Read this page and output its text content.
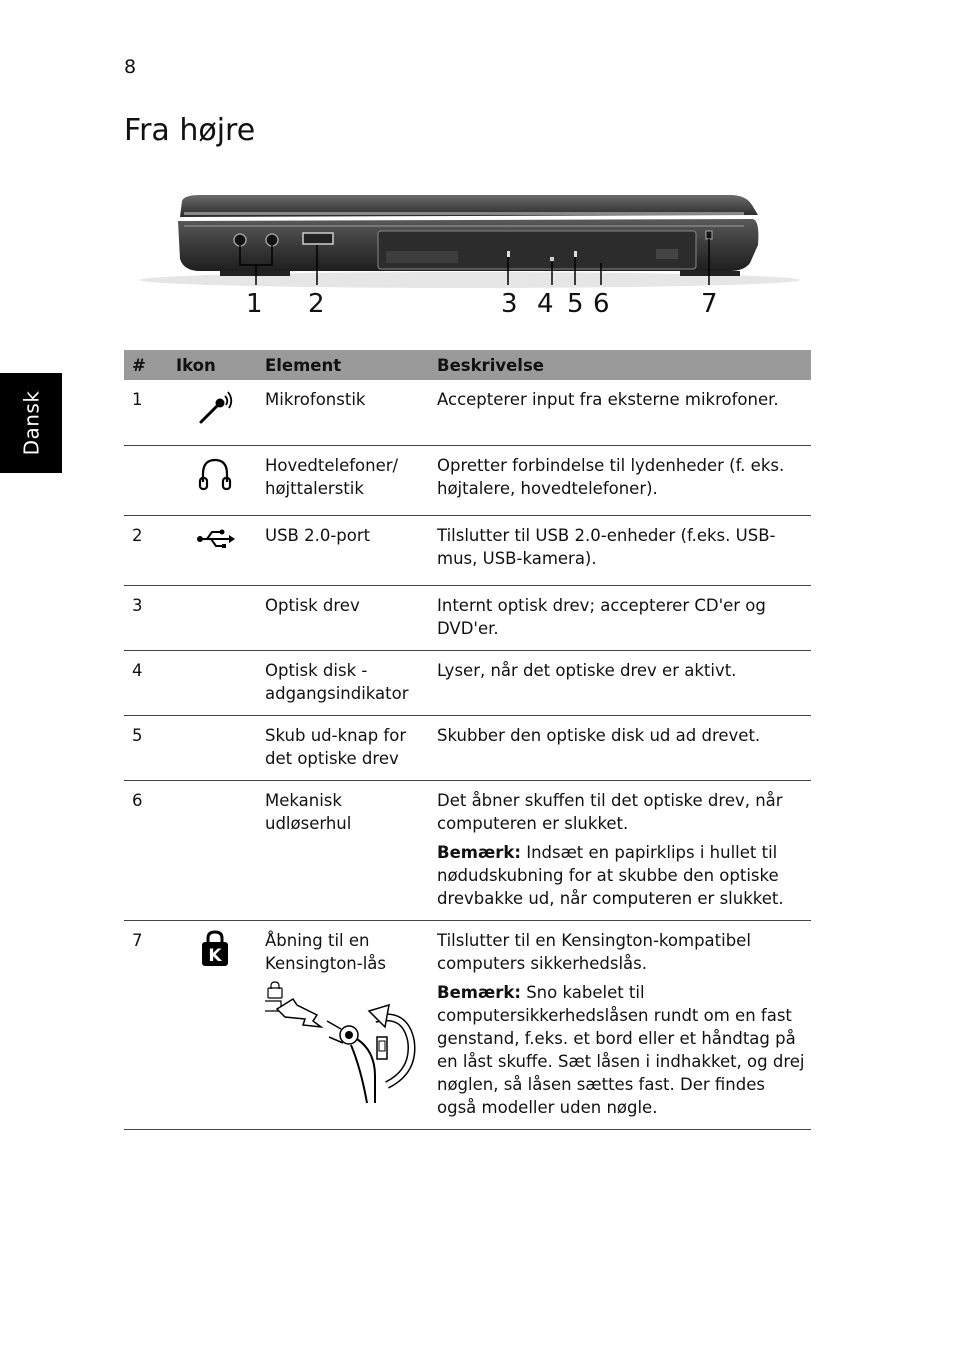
8
Fra højre
Dansk
1 2	3 4 5 6	7
#	Ikon	Element	Beskrivelse
1		Mikrofonstik	Accepterer input fra eksterne mikrofoner.
		Hovedtelefoner/ højttalerstik	Opretter forbindelse til lydenheder (f. eks. højtalere, hovedtelefoner).
2		USB 2.0-port	Tilslutter til USB 2.0-enheder (f.eks. USB-mus, USB-kamera).
3		Optisk drev	Internt optisk drev; accepterer CD'er og DVD'er.
4		Optisk disk - adgangsindikator	Lyser, når det optiske drev er aktivt.
5		Skub ud-knap for det optiske drev	Skubber den optiske disk ud ad drevet.
6		Mekanisk udløserhul	Det åbner skuffen til det optiske drev, når computeren er slukket.

Bemærk: Indsæt en papirklips i hullet til nødudskubning for at skubbe den optiske drevbakke ud, når computeren er slukket.

7	K	Åbning til en Kensington-lås	Tilslutter til en Kensington-kompatibel computers sikkerhedslås.

Bemærk: Sno kabelet til computersikkerhedslåsen rundt om en fast genstand, f.eks. et bord eller et håndtag på en låst skuffe. Sæt låsen i indhakket, og drej nøglen, så låsen sættes fast. Der findes også modeller uden nøgle.
